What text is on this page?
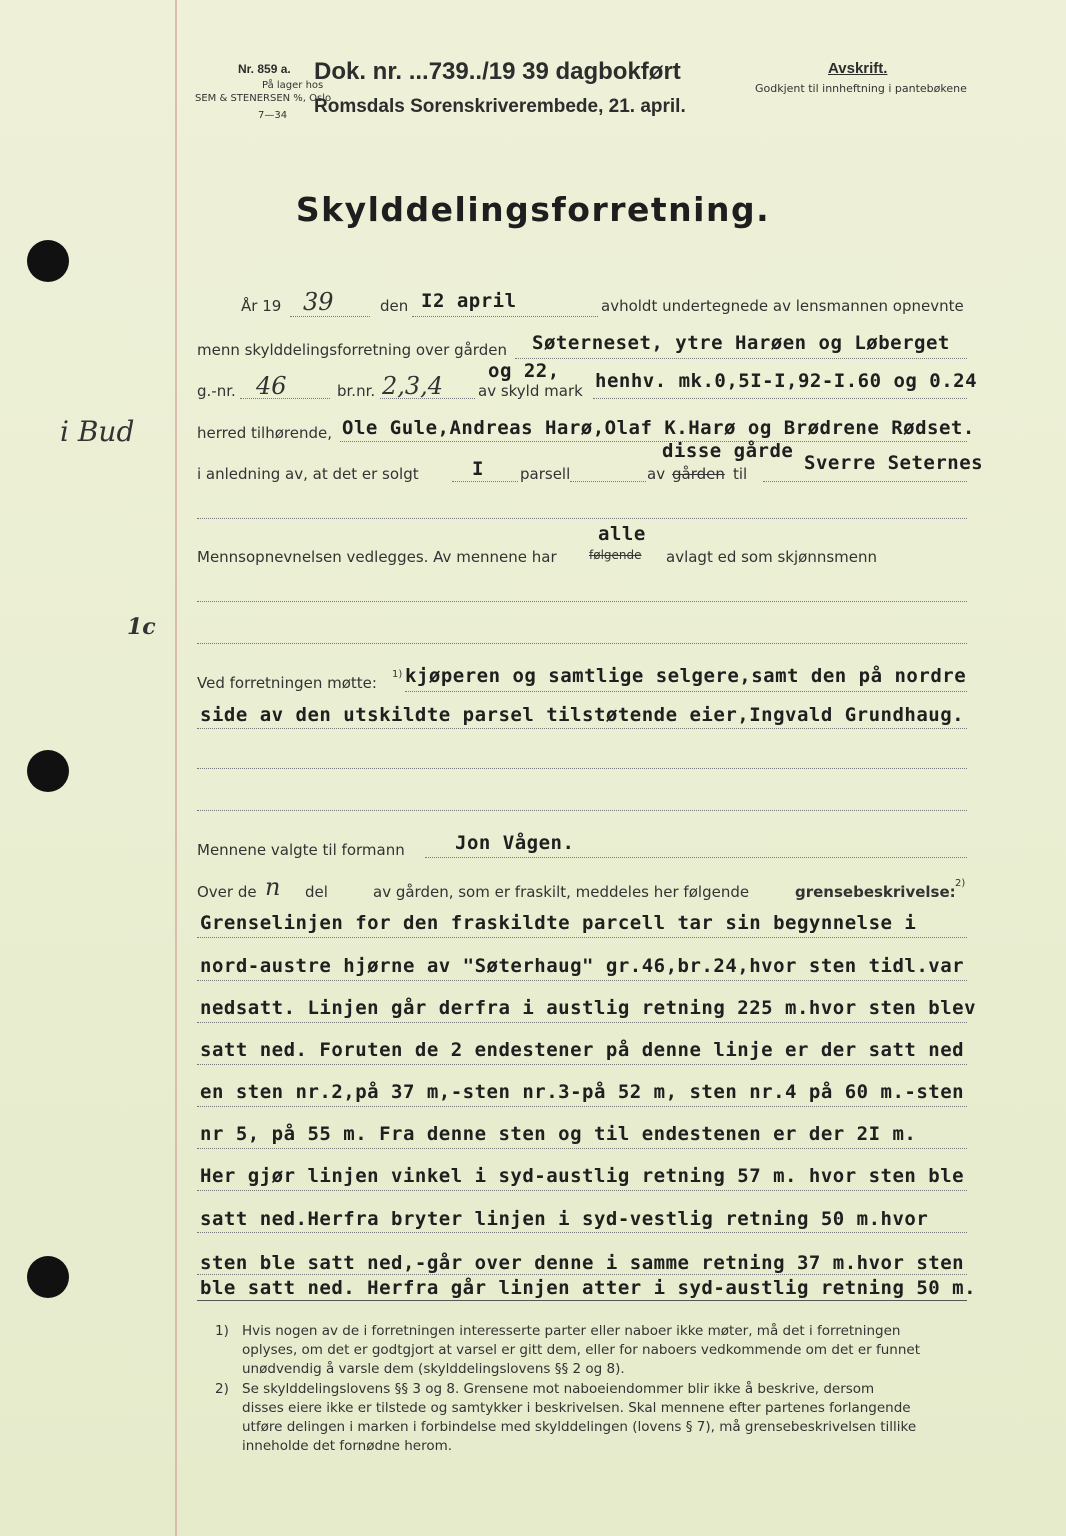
Nr. 859 a.
På lager hos
SEM & STENERSEN %, Oslo
7—34
Dok. nr. ...739../19 39 dagbokført
Romsdals Sorenskriverembede, 21. april.
Avskrift.
Godkjent til innheftning i pantebøkene
Skylddelingsforretning.
År 19 39	den I2 april	avholdt undertegnede av lensmannen opnevnte
menn skylddelingsforretning over gården Søterneset, ytre Harøen og Løberget
g.-nr. 46	br.nr. 2,3,4
og 22,
av skyld mark henhv. mk.0,5I-I,92-I.60 og 0.24
i Bud	herred tilhørende, Ole Gule,Andreas Harø,Olaf K.Harø og Brødrene Rødset.
i anledning av, at det er solgt	I parsell	av gården til
disse gårde
Sverre Seternes
alle
Mennsopnevnelsen vedlegges. Av mennene har	følgende avlagt ed som skjønnsmenn
1c
Ved forretningen møtte: 1) kjøperen og samtlige selgere,samt den på nordre
side av den utskildte parsel tilstøtende eier,Ingvald Grundhaug.
Mennene valgte til formann	Jon Vågen.
Over de n del	av gården, som er fraskilt, meddeles her følgende	grensebeskrivelse: 2)
Grenselinjen for den fraskildte parcell tar sin begynnelse i
nord-austre hjørne av "Søterhaug" gr.46,br.24,hvor sten tidl.var
nedsatt. Linjen går derfra i austlig retning 225 m.hvor sten blev
satt ned. Foruten de 2 endestener på denne linje er der satt ned
en sten nr.2,på 37 m,-sten nr.3-på 52 m, sten nr.4 på 60 m.-sten
nr 5, på 55 m. Fra denne sten og til endestenen er der 2I m.
Her gjør linjen vinkel i syd-austlig retning 57 m. hvor sten ble
satt ned.Herfra bryter linjen i syd-vestlig retning 50 m.hvor
sten ble satt ned,-går over denne i samme retning 37 m.hvor sten
ble satt ned. Herfra går linjen atter i syd-austlig retning 50 m.
1) Hvis nogen av de i forretningen interesserte parter eller naboer ikke møter, må det i forretningen
oplyses, om det er godtgjort at varsel er gitt dem, eller for naboers vedkommende om det er funnet
unødvendig å varsle dem (skylddelingslovens §§ 2 og 8).
2) Se skylddelingslovens §§ 3 og 8. Grensene mot naboeiendommer blir ikke å beskrive, dersom
disses eiere ikke er tilstede og samtykker i beskrivelsen. Skal mennene efter partenes forlangende
utføre delingen i marken i forbindelse med skylddelingen (lovens § 7), må grensebeskrivelsen tillike
inneholde det fornødne herom.
